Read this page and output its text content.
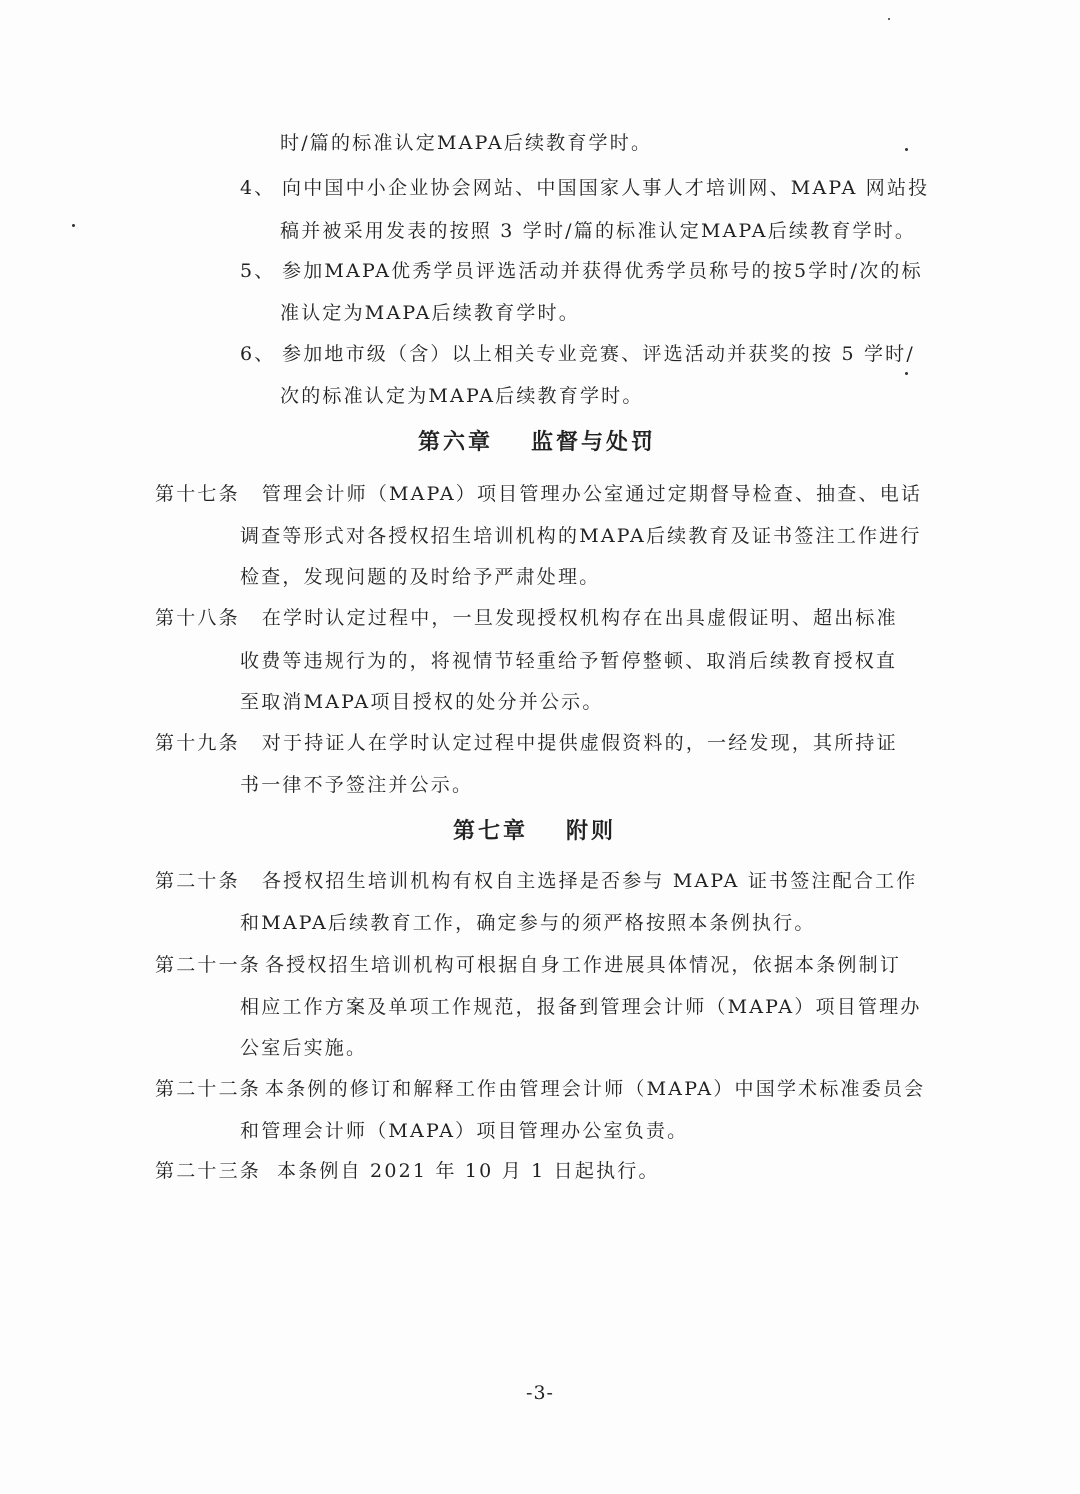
时/篇的标准认定MAPA后续教育学时。
4、 向中国中小企业协会网站、中国国家人事人才培训网、MAPA 网站投
稿并被采用发表的按照 3 学时/篇的标准认定MAPA后续教育学时。
5、 参加MAPA优秀学员评选活动并获得优秀学员称号的按5学时/次的标
准认定为MAPA后续教育学时。
6、 参加地市级（含）以上相关专业竞赛、评选活动并获奖的按 5 学时/
次的标准认定为MAPA后续教育学时。
第六章 监督与处罚
第十七条 管理会计师（MAPA）项目管理办公室通过定期督导检查、抽查、电话
调查等形式对各授权招生培训机构的MAPA后续教育及证书签注工作进行
检查，发现问题的及时给予严肃处理。
第十八条 在学时认定过程中，一旦发现授权机构存在出具虚假证明、超出标准
收费等违规行为的，将视情节轻重给予暂停整顿、取消后续教育授权直
至取消MAPA项目授权的处分并公示。
第十九条 对于持证人在学时认定过程中提供虚假资料的，一经发现，其所持证
书一律不予签注并公示。
第七章 附则
第二十条 各授权招生培训机构有权自主选择是否参与 MAPA 证书签注配合工作
和MAPA后续教育工作，确定参与的须严格按照本条例执行。
第二十一条 各授权招生培训机构可根据自身工作进展具体情况，依据本条例制订
相应工作方案及单项工作规范，报备到管理会计师（MAPA）项目管理办
公室后实施。
第二十二条 本条例的修订和解释工作由管理会计师（MAPA）中国学术标准委员会
和管理会计师（MAPA）项目管理办公室负责。
第二十三条 本条例自 2021 年 10 月 1 日起执行。
-3-
